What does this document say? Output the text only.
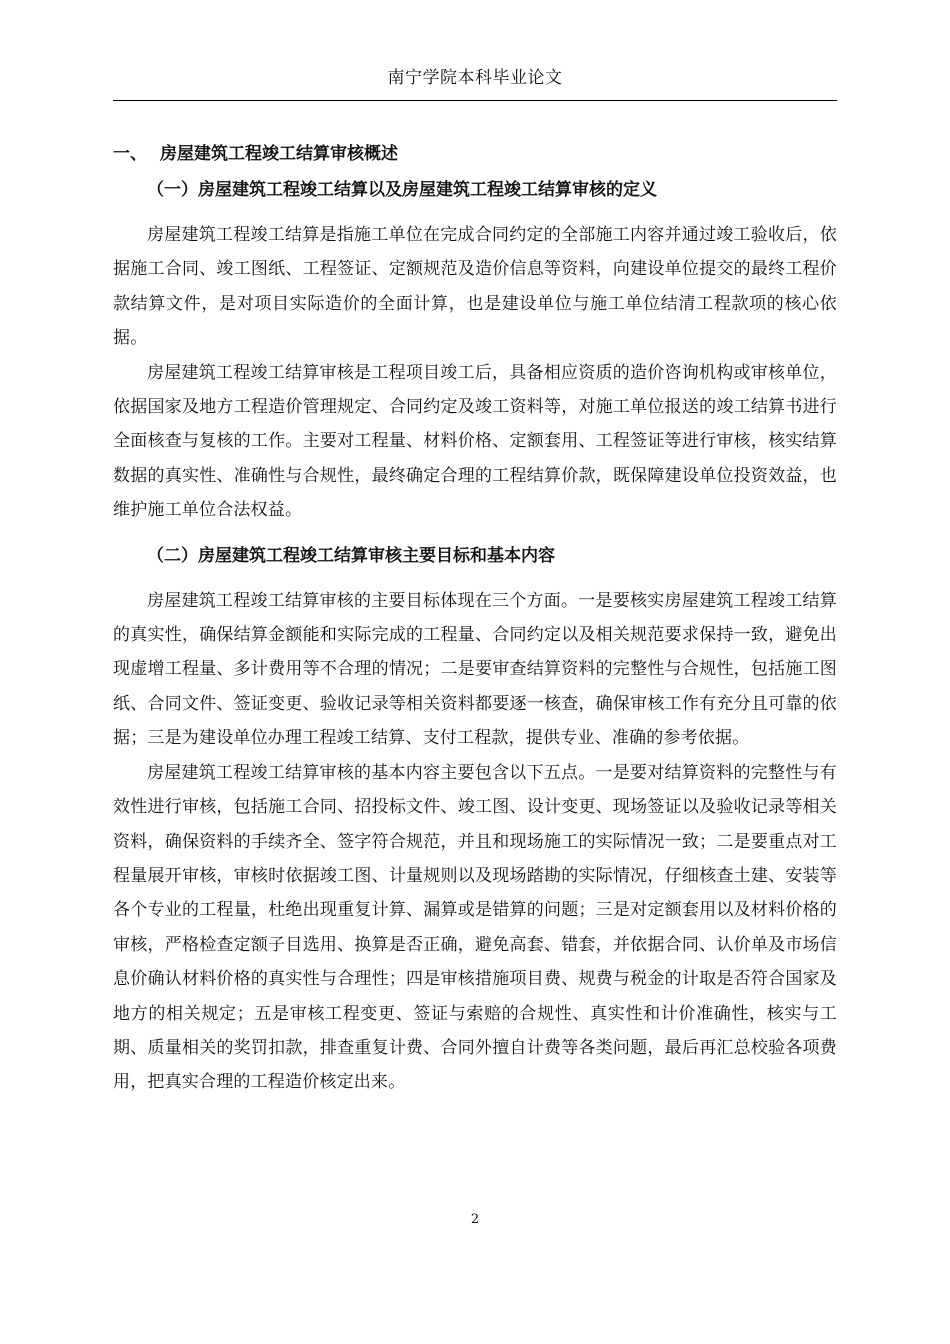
南宁学院本科毕业论文

一、 房屋建筑工程竣工结算审核概述

（一）房屋建筑工程竣工结算以及房屋建筑工程竣工结算审核的定义

房屋建筑工程竣工结算是指施工单位在完成合同约定的全部施工内容并通过竣工验收后，依据施工合同、竣工图纸、工程签证、定额规范及造价信息等资料，向建设单位提交的最终工程价款结算文件，是对项目实际造价的全面计算，也是建设单位与施工单位结清工程款项的核心依据。

房屋建筑工程竣工结算审核是工程项目竣工后，具备相应资质的造价咨询机构或审核单位，依据国家及地方工程造价管理规定、合同约定及竣工资料等，对施工单位报送的竣工结算书进行全面核查与复核的工作。主要对工程量、材料价格、定额套用、工程签证等进行审核，核实结算数据的真实性、准确性与合规性，最终确定合理的工程结算价款，既保障建设单位投资效益，也维护施工单位合法权益。

（二）房屋建筑工程竣工结算审核主要目标和基本内容

房屋建筑工程竣工结算审核的主要目标体现在三个方面。一是要核实房屋建筑工程竣工结算的真实性，确保结算金额能和实际完成的工程量、合同约定以及相关规范要求保持一致，避免出现虚增工程量、多计费用等不合理的情况；二是要审查结算资料的完整性与合规性，包括施工图纸、合同文件、签证变更、验收记录等相关资料都要逐一核查，确保审核工作有充分且可靠的依据；三是为建设单位办理工程竣工结算、支付工程款，提供专业、准确的参考依据。

房屋建筑工程竣工结算审核的基本内容主要包含以下五点。一是要对结算资料的完整性与有效性进行审核，包括施工合同、招投标文件、竣工图、设计变更、现场签证以及验收记录等相关资料，确保资料的手续齐全、签字符合规范，并且和现场施工的实际情况一致；二是要重点对工程量展开审核，审核时依据竣工图、计量规则以及现场踏勘的实际情况，仔细核查土建、安装等各个专业的工程量，杜绝出现重复计算、漏算或是错算的问题；三是对定额套用以及材料价格的审核，严格检查定额子目选用、换算是否正确，避免高套、错套，并依据合同、认价单及市场信息价确认材料价格的真实性与合理性；四是审核措施项目费、规费与税金的计取是否符合国家及地方的相关规定；五是审核工程变更、签证与索赔的合规性、真实性和计价准确性，核实与工期、质量相关的奖罚扣款，排查重复计费、合同外擅自计费等各类问题，最后再汇总校验各项费用，把真实合理的工程造价核定出来。

2
